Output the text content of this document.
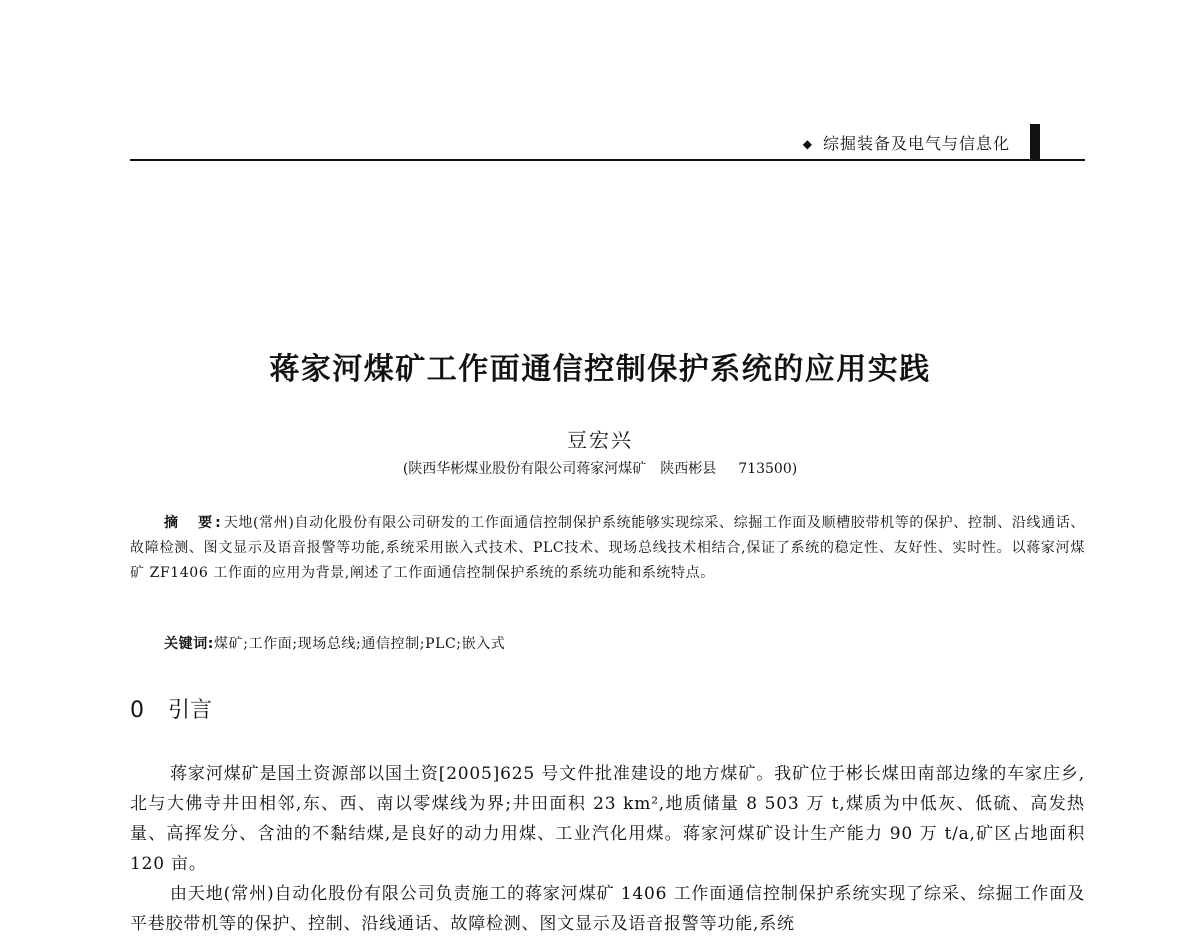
◆ 综掘装备及电气与信息化
蒋家河煤矿工作面通信控制保护系统的应用实践
豆宏兴
(陕西华彬煤业股份有限公司蒋家河煤矿　陕西彬县 713500)

摘　要:天地(常州)自动化股份有限公司研发的工作面通信控制保护系统能够实现综采、综掘工作面及顺槽胶带机等的保护、控制、沿线通话、故障检测、图文显示及语音报警等功能,系统采用嵌入式技术、PLC技术、现场总线技术相结合,保证了系统的稳定性、友好性、实时性。以蒋家河煤矿 ZF1406 工作面的应用为背景,阐述了工作面通信控制保护系统的系统功能和系统特点。

关键词:煤矿;工作面;现场总线;通信控制;PLC;嵌入式
0 引言

蒋家河煤矿是国土资源部以国土资[2005]625 号文件批准建设的地方煤矿。我矿位于彬长煤田南部边缘的车家庄乡,北与大佛寺井田相邻,东、西、南以零煤线为界;井田面积 23 km²,地质储量 8 503 万 t,煤质为中低灰、低硫、高发热量、高挥发分、含油的不黏结煤,是良好的动力用煤、工业汽化用煤。蒋家河煤矿设计生产能力 90 万 t/a,矿区占地面积 120 亩。

由天地(常州)自动化股份有限公司负责施工的蒋家河煤矿 1406 工作面通信控制保护系统实现了综采、综掘工作面及平巷胶带机等的保护、控制、沿线通话、故障检测、图文显示及语音报警等功能,系统
